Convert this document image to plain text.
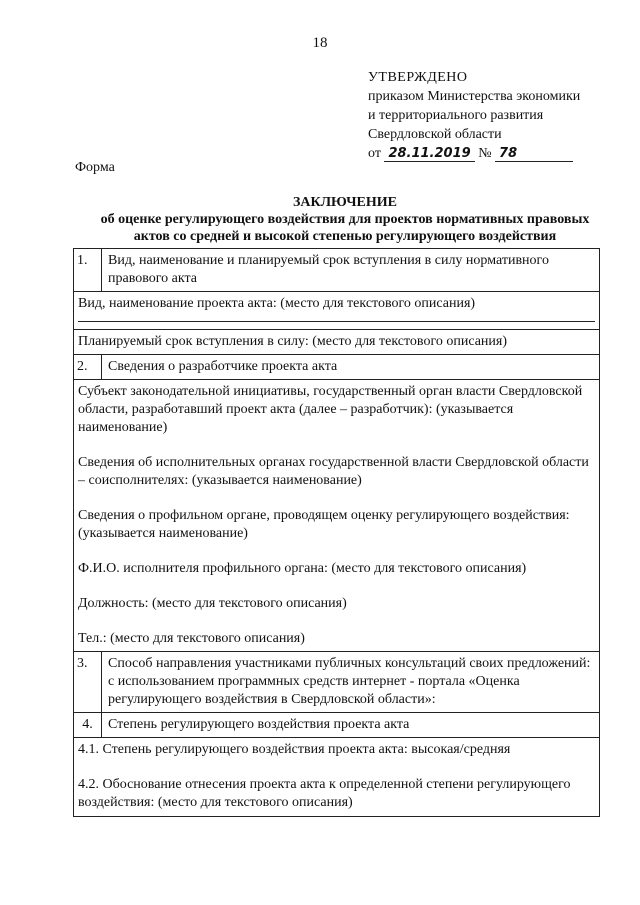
18
УТВЕРЖДЕНО
приказом Министерства экономики
и территориального развития
Свердловской области
от 28.11.2019 № 78
Форма
ЗАКЛЮЧЕНИЕ
об оценке регулирующего воздействия для проектов нормативных правовых
актов со средней и высокой степенью регулирующего воздействия
1.	Вид, наименование и планируемый срок вступления в силу нормативного правового акта
Вид, наименование проекта акта: (место для текстового описания)
Планируемый срок вступления в силу: (место для текстового описания)
2.	Сведения о разработчике проекта акта
Субъект законодательной инициативы, государственный орган власти Свердловской области, разработавший проект акта (далее – разработчик): (указывается наименование)
Сведения об исполнительных органах государственной власти Свердловской области – соисполнителях: (указывается наименование)
Сведения о профильном органе, проводящем оценку регулирующего воздействия: (указывается наименование)
Ф.И.О. исполнителя профильного органа: (место для текстового описания)
Должность: (место для текстового описания)
Тел.: (место для текстового описания)
3.	Способ направления участниками публичных консультаций своих предложений: с использованием программных средств интернет - портала «Оценка регулирующего воздействия в Свердловской области»:
4.	Степень регулирующего воздействия проекта акта
4.1. Степень регулирующего воздействия проекта акта: высокая/средняя
4.2. Обоснование отнесения проекта акта к определенной степени регулирующего воздействия: (место для текстового описания)
